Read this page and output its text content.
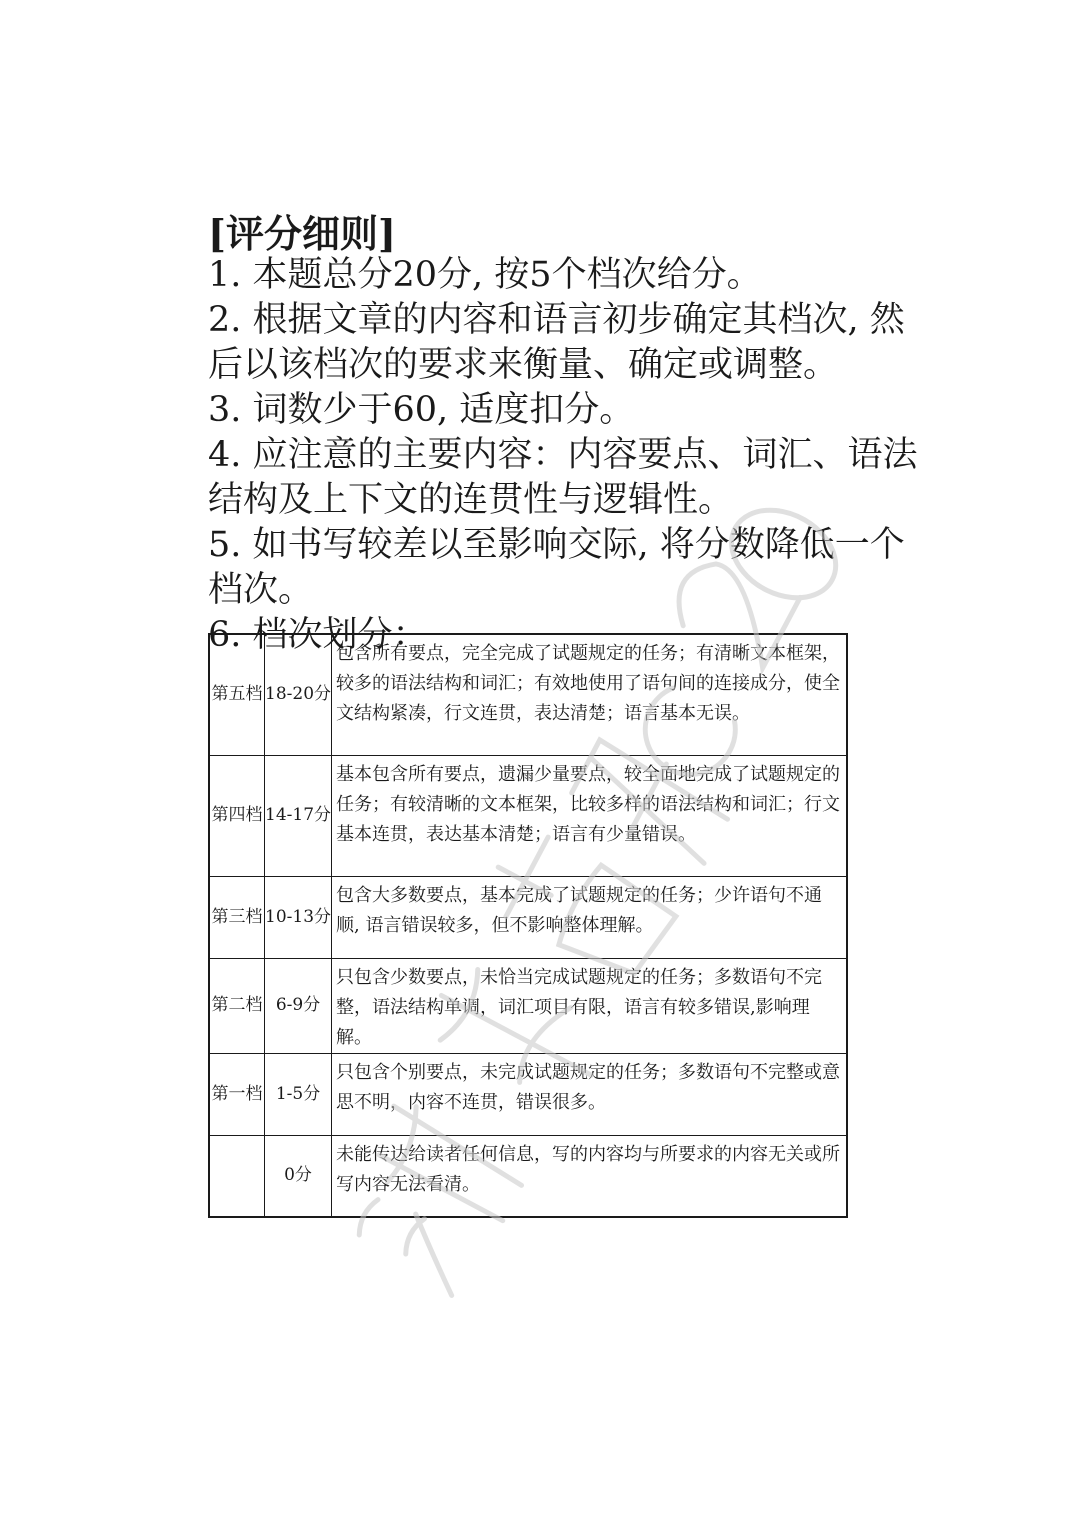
[评分细则]
1. 本题总分20分, 按5个档次给分。
2. 根据文章的内容和语言初步确定其档次, 然后以该档次的要求来衡量、确定或调整。
3. 词数少于60, 适度扣分。
4. 应注意的主要内容：内容要点、词汇、语法结构及上下文的连贯性与逻辑性。
5. 如书写较差以至影响交际, 将分数降低一个档次。
6. 档次划分：
第五档	18-20分	包含所有要点，完全完成了试题规定的任务；有清晰文本框架，较多的语法结构和词汇；有效地使用了语句间的连接成分，使全文结构紧凑，行文连贯，表达清楚；语言基本无误。
第四档	14-17分	基本包含所有要点，遗漏少量要点，较全面地完成了试题规定的任务；有较清晰的文本框架，比较多样的语法结构和词汇；行文基本连贯，表达基本清楚；语言有少量错误。
第三档	10-13分	包含大多数要点，基本完成了试题规定的任务；少许语句不通顺, 语言错误较多，但不影响整体理解。
第二档	6-9分	只包含少数要点，未恰当完成试题规定的任务；多数语句不完整，语法结构单调，词汇项目有限，语言有较多错误,影响理解。
第一档	1-5分	只包含个别要点，未完成试题规定的任务；多数语句不完整或意思不明，内容不连贯，错误很多。
	0分	未能传达给读者任何信息，写的内容均与所要求的内容无关或所写内容无法看清。
